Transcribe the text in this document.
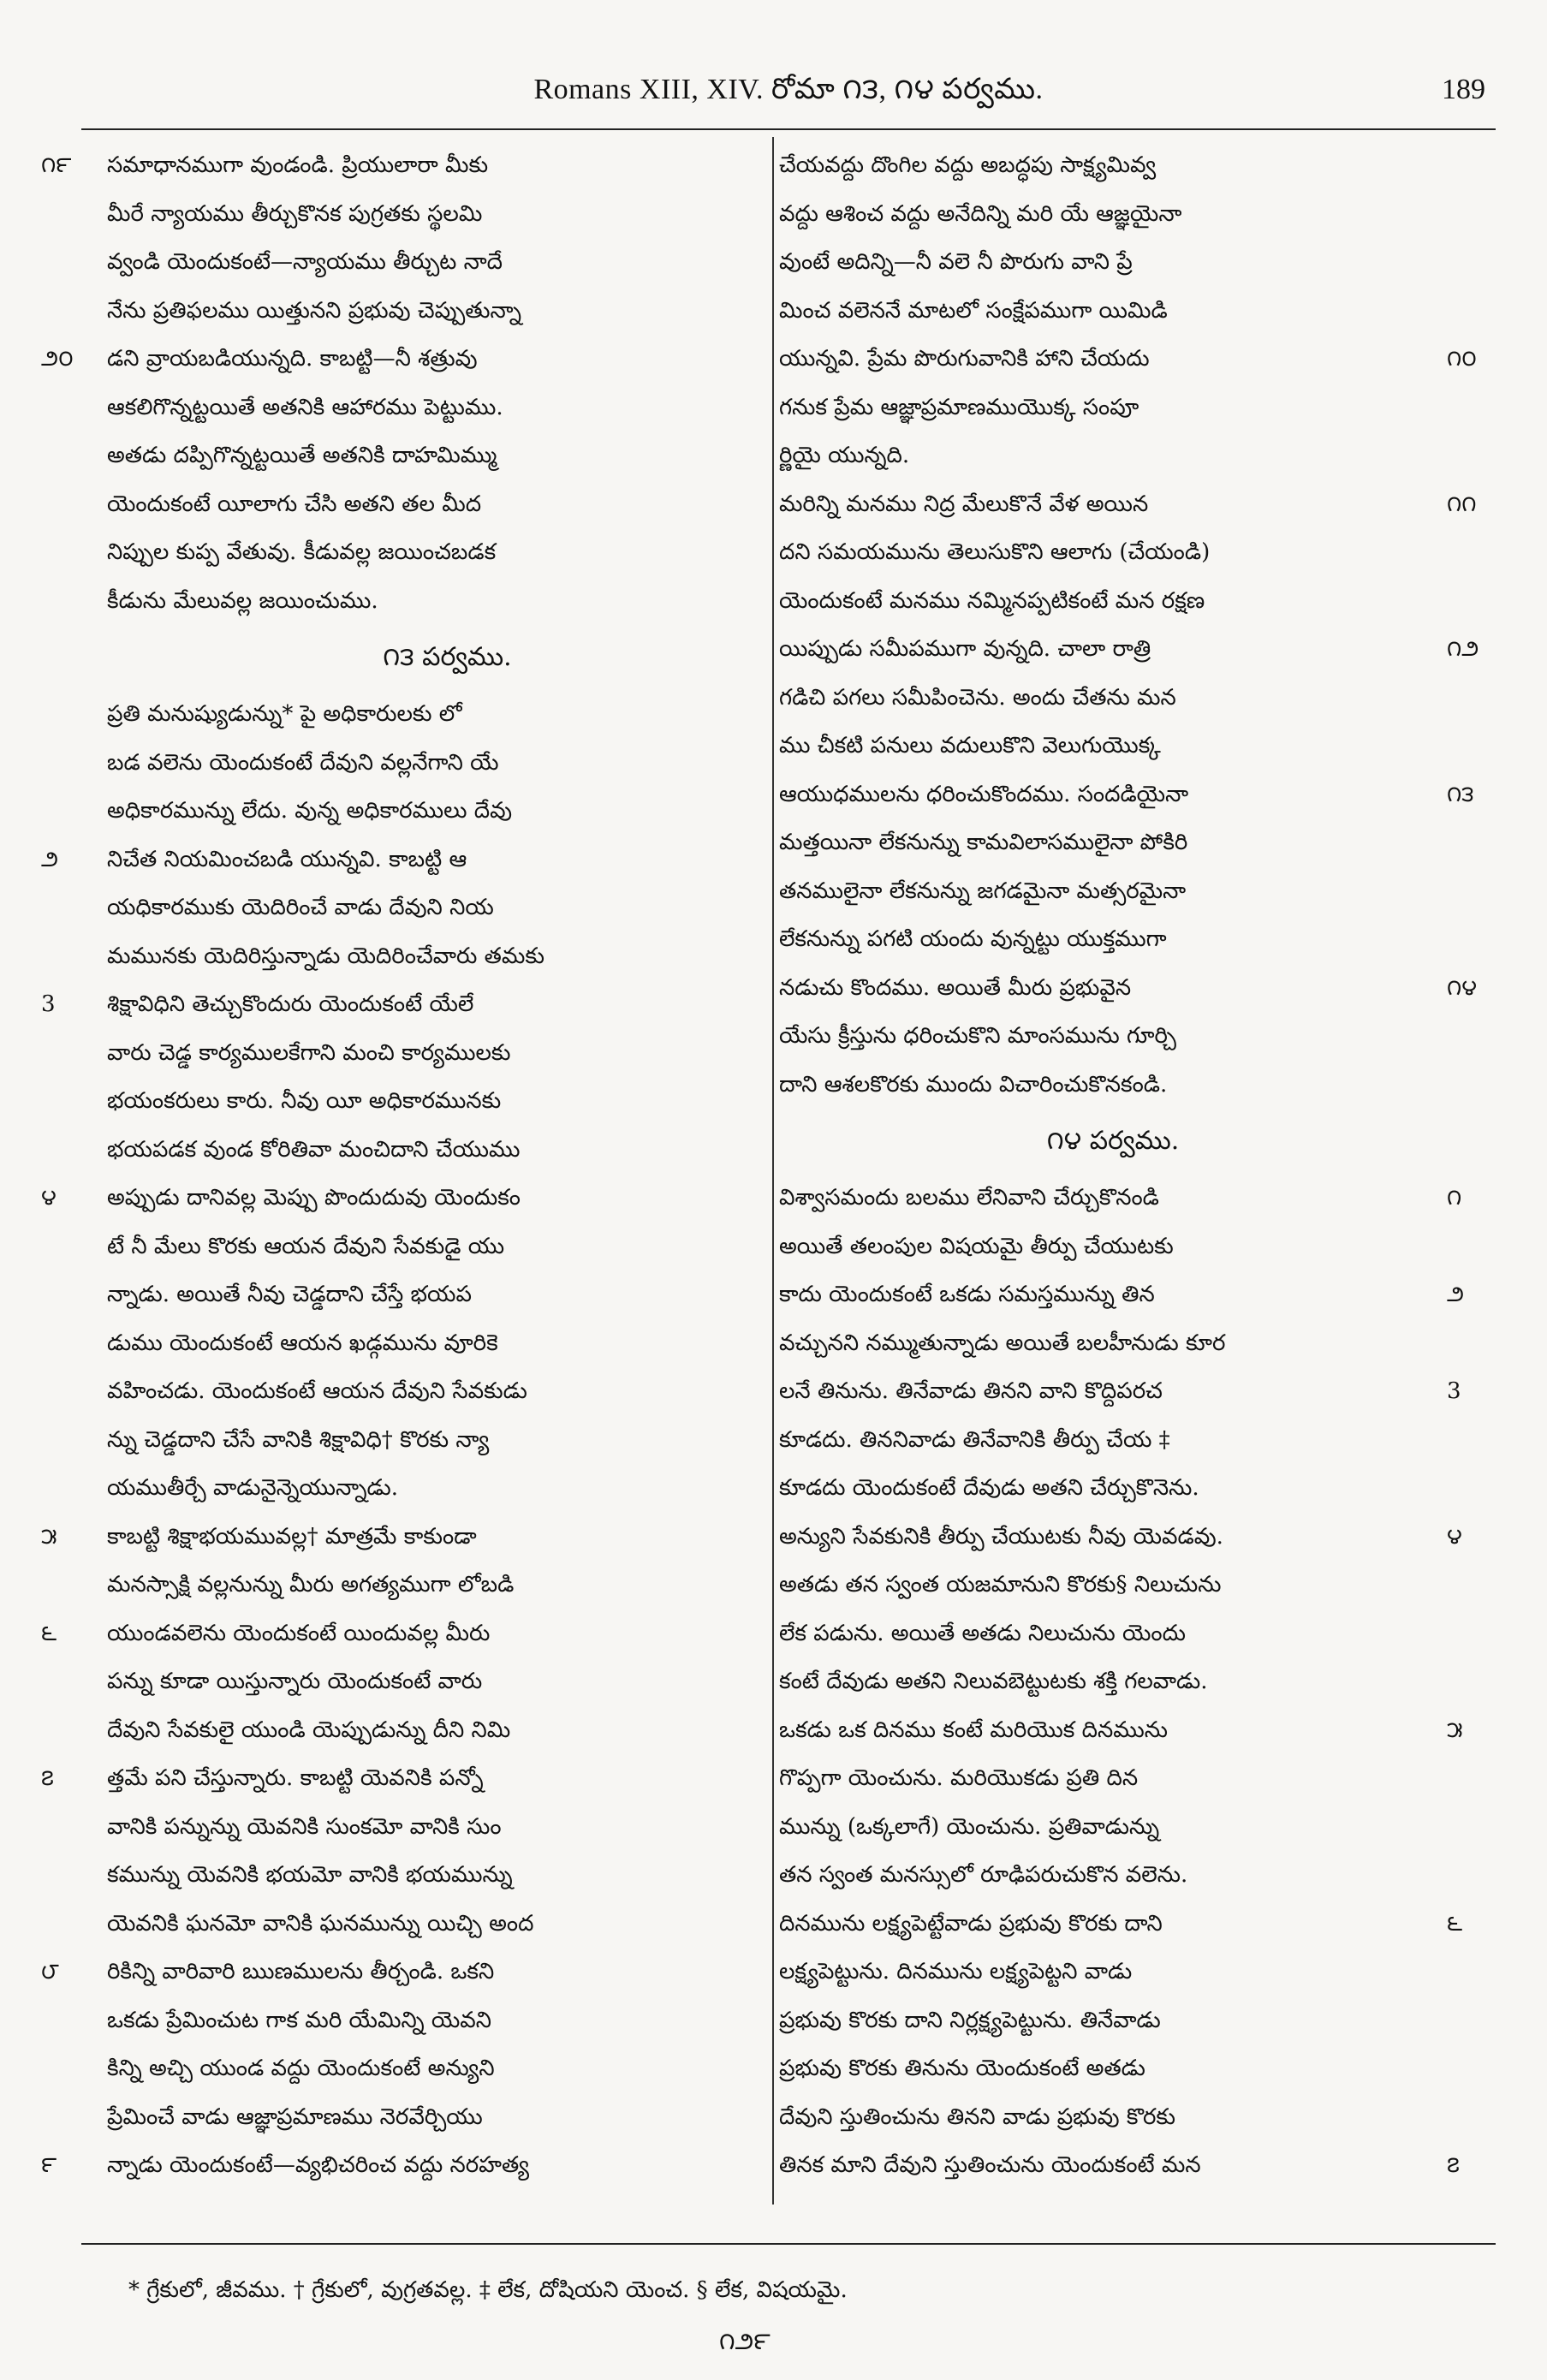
Romans XIII, XIV. రోమా ౧౩, ౧౪ పర్వము.	189
౧౯
౨౦
౨
3
౪
౫
౬
౭
౮
౯
సమాధానముగా వుండండి. ప్రియులారా మీకు
మీరే న్యాయము తీర్చుకొనక పుగ్రతకు స్థలమి
వ్వండి యెందుకంటే—న్యాయము తీర్చుట నాదే
నేను ప్రతిఫలము యిత్తునని ప్రభువు చెప్పుతున్నా
డని వ్రాయబడియున్నది. కాబట్టి—నీ శత్రువు
ఆకలిగొన్నట్టయితే అతనికి ఆహారము పెట్టుము.
అతడు దప్పిగొన్నట్టయితే అతనికి దాహమిమ్ము
యెందుకంటే యీలాగు చేసి అతని తల మీద
నిప్పుల కుప్ప వేతువు. కీడువల్ల జయించబడక
కీడును మేలువల్ల జయించుము.
౧౩ పర్వము.
ప్రతి మనుష్యుడున్ను* పై అధికారులకు లో
బడ వలెను యెందుకంటే దేవుని వల్లనేగాని యే
అధికారమున్ను లేదు. వున్న అధికారములు దేవు
నిచేత నియమించబడి యున్నవి. కాబట్టి ఆ
యధికారముకు యెదిరించే వాడు దేవుని నియ
మమునకు యెదిరిస్తున్నాడు యెదిరించేవారు తమకు
శిక్షావిధిని తెచ్చుకొందురు యెందుకంటే యేలే
వారు చెడ్డ కార్యములకేగాని మంచి కార్యములకు
భయంకరులు కారు. నీవు యీ అధికారమునకు
భయపడక వుండ కోరితివా మంచిదాని చేయుము
అప్పుడు దానివల్ల మెప్పు పొందుదువు యెందుకం
టే నీ మేలు కొరకు ఆయన దేవుని సేవకుడై యు
న్నాడు. అయితే నీవు చెడ్డదాని చేస్తే భయప
డుము యెందుకంటే ఆయన ఖడ్గమును వూరికె
వహించడు. యెందుకంటే ఆయన దేవుని సేవకుడు
న్ను చెడ్డదాని చేసే వానికి శిక్షావిధి† కొరకు న్యా
యముతీర్చే వాడునైన్నెయున్నాడు.
కాబట్టి శిక్షాభయమువల్ల† మాత్రమే కాకుండా
మనస్సాక్షి వల్లనున్ను మీరు అగత్యముగా లోబడి
యుండవలెను యెందుకంటే యిందువల్ల మీరు
పన్ను కూడా యిస్తున్నారు యెందుకంటే వారు
దేవుని సేవకులై యుండి యెప్పుడున్ను దీని నిమి
త్తమే పని చేస్తున్నారు. కాబట్టి యెవనికి పన్నో
వానికి పన్నున్ను యెవనికి సుంకమో వానికి సుం
కమున్ను యెవనికి భయమో వానికి భయమున్ను
యెవనికి ఘనమో వానికి ఘనమున్ను యిచ్చి అంద
రికిన్ని వారివారి ఋణములను తీర్చండి. ఒకని
ఒకడు ప్రేమించుట గాక మరి యేమిన్ని యెవని
కిన్ని అచ్చి యుండ వద్దు యెందుకంటే అన్యుని
ప్రేమించే వాడు ఆజ్ఞాప్రమాణము నెరవేర్చియు
న్నాడు యెందుకంటే—వ్యభిచరించ వద్దు నరహత్య
చేయవద్దు దొంగిల వద్దు అబద్ధపు సాక్ష్యమివ్వ
వద్దు ఆశించ వద్దు అనేదిన్ని మరి యే ఆజ్ఞయైనా
వుంటే అదిన్ని—నీ వలె నీ పొరుగు వాని ప్రే
మించ వలెననే మాటలో సంక్షేపముగా యిమిడి
యున్నవి. ప్రేమ పొరుగువానికి హాని చేయదు
గనుక ప్రేమ ఆజ్ఞాప్రమాణముయొక్క సంపూ
ర్ణియై యున్నది.
మరిన్ని మనము నిద్ర మేలుకొనే వేళ అయిన
దని సమయమును తెలుసుకొని ఆలాగు (చేయండి)
యెందుకంటే మనము నమ్మినప్పటికంటే మన రక్షణ
యిప్పుడు సమీపముగా వున్నది. చాలా రాత్రి
గడిచి పగలు సమీపించెను. అందు చేతను మన
ము చీకటి పనులు వదులుకొని వెలుగుయొక్క
ఆయుధములను ధరించుకొందము. సందడియైనా
మత్తయినా లేకనున్ను కామవిలాసములైనా పోకిరి
తనములైనా లేకనున్ను జగడమైనా మత్సరమైనా
లేకనున్ను పగటి యందు వున్నట్టు యుక్తముగా
నడుచు కొందము. అయితే మీరు ప్రభువైన
యేసు క్రీస్తును ధరించుకొని మాంసమును గూర్చి
దాని ఆశలకొరకు ముందు విచారించుకొనకండి.
౧౪ పర్వము.
విశ్వాసమందు బలము లేనివాని చేర్చుకొనండి
అయితే తలంపుల విషయమై తీర్పు చేయుటకు
కాదు యెందుకంటే ఒకడు సమస్తమున్ను తిన
వచ్చునని నమ్ముతున్నాడు అయితే బలహీనుడు కూర
లనే తినును. తినేవాడు తినని వాని కొద్దిపరచ
కూడదు. తిననివాడు తినేవానికి తీర్పు చేయ ‡
కూడదు యెందుకంటే దేవుడు అతని చేర్చుకొనెను.
అన్యుని సేవకునికి తీర్పు చేయుటకు నీవు యెవడవు.
అతడు తన స్వంత యజమానుని కొరకు§ నిలుచును
లేక పడును. అయితే అతడు నిలుచును యెందు
కంటే దేవుడు అతని నిలువబెట్టుటకు శక్తి గలవాడు.
ఒకడు ఒక దినము కంటే మరియొక దినమును
గొప్పగా యెంచును. మరియొకడు ప్రతి దిన
మున్ను (ఒక్కలాగే) యెంచును. ప్రతివాడున్ను
తన స్వంత మనస్సులో రూఢిపరుచుకొన వలెను.
దినమును లక్ష్యపెట్టేవాడు ప్రభువు కొరకు దాని
లక్ష్యపెట్టును. దినమును లక్ష్యపెట్టని వాడు
ప్రభువు కొరకు దాని నిర్లక్ష్యపెట్టును. తినేవాడు
ప్రభువు కొరకు తినును యెందుకంటే అతడు
దేవుని స్తుతించును తినని వాడు ప్రభువు కొరకు
తినక మాని దేవుని స్తుతించును యెందుకంటే మన
౧౦
౧౧
౧౨
౧౩
౧౪
౧
౨
3
౪
౫
౬
౭
* గ్రేకులో, జీవము. † గ్రేకులో, వుగ్రతవల్ల. ‡ లేక, దోషియని యెంచ. § లేక, విషయమై.
౧౨౯
